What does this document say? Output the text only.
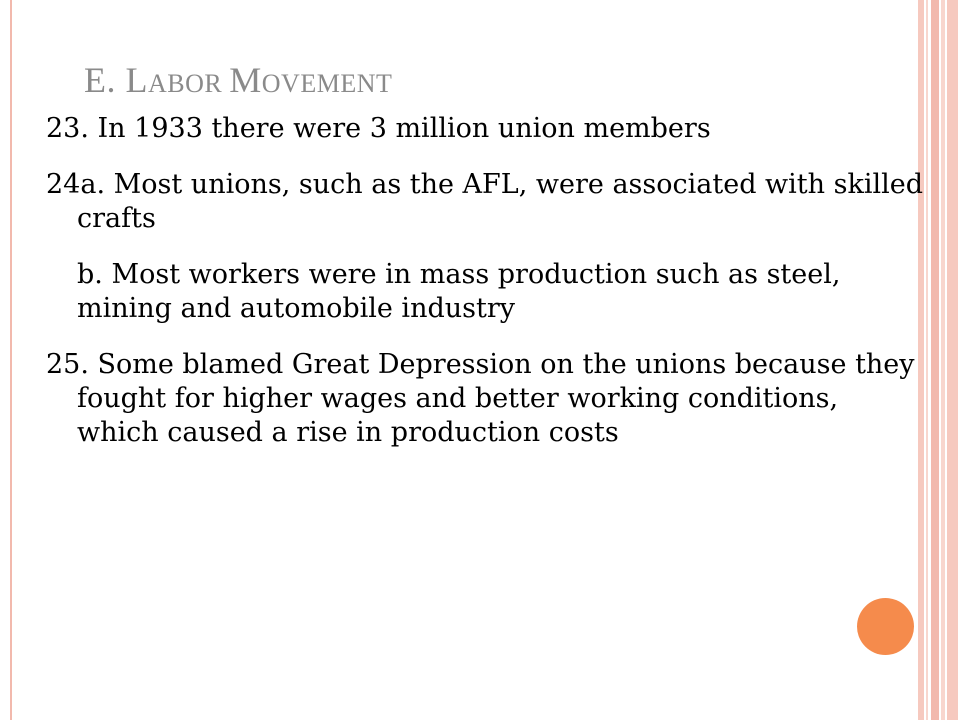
E. LABOR MOVEMENT

23. In 1933 there were 3 million union members

24a. Most unions, such as the AFL, were associated with skilled crafts

b. Most workers were in mass production such as steel, mining and automobile industry

25. Some blamed Great Depression on the unions because they fought for higher wages and better working conditions, which caused a rise in production costs
